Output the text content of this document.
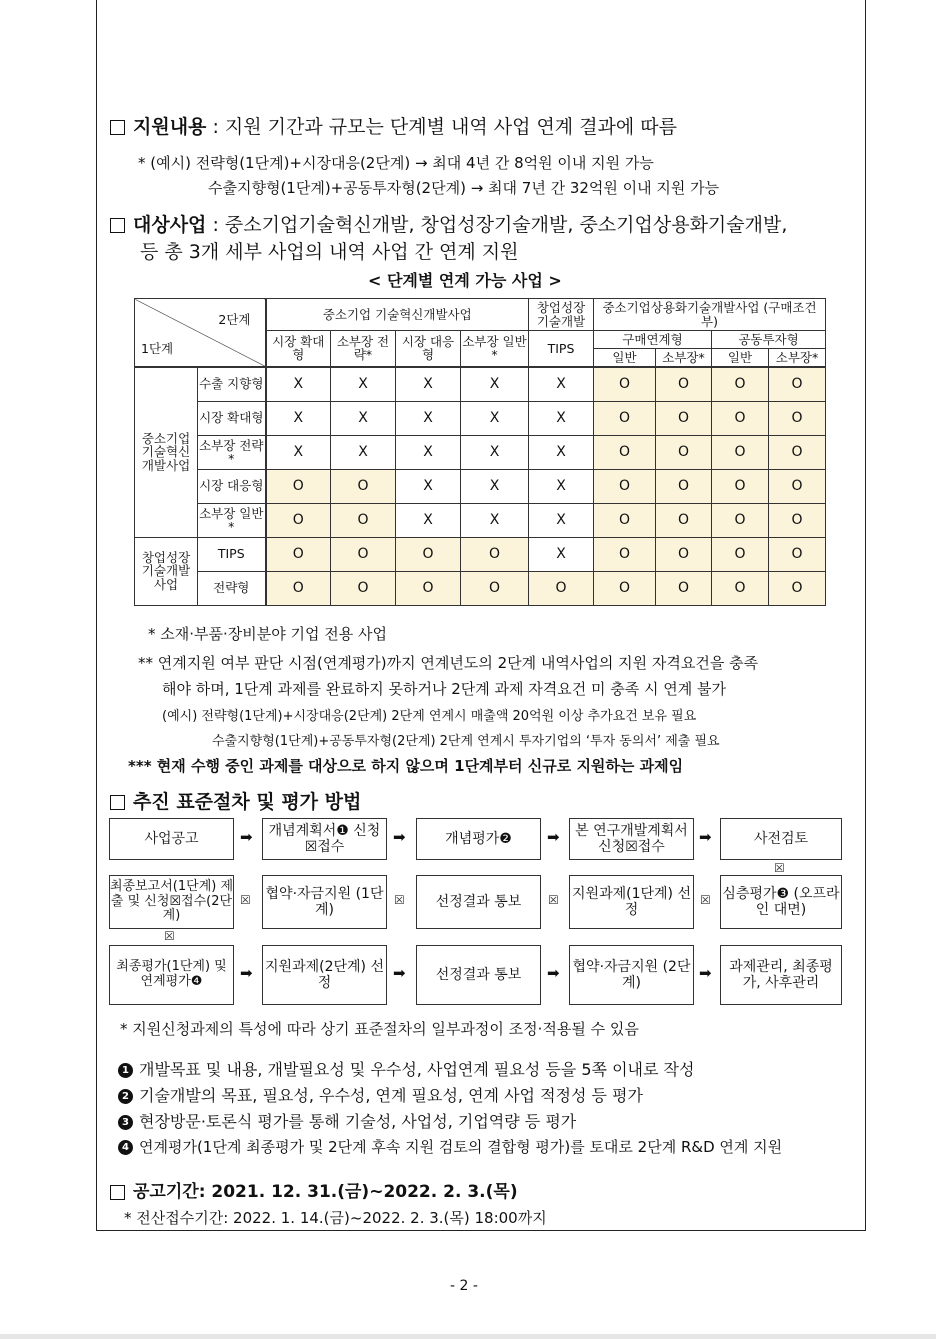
지원내용 : 지원 기간과 규모는 단계별 내역 사업 연계 결과에 따름
* (예시) 전략형(1단계)+시장대응(2단계) → 최대 4년 간 8억원 이내 지원 가능
수출지향형(1단계)+공동투자형(2단계) → 최대 7년 간 32억원 이내 지원 가능
대상사업 : 중소기업기술혁신개발, 창업성장기술개발, 중소기업상용화기술개발,
등 총 3개 세부 사업의 내역 사업 간 연계 지원
< 단계별 연계 가능 사업 >
2단계
1단계		중소기업 기술혁신개발사업				창업성장 기술개발	중소기업상용화기술개발사업 (구매조건부)			
		시장 확대형	소부장 전략*	시장 대응형	소부장 일반*	TIPS	구매연계형		공동투자형	
							일반	소부장*	일반	소부장*
중소기업 기술혁신 개발사업	수출 지향형	X	X	X	X	X	O	O	O	O
	시장 확대형	X	X	X	X	X	O	O	O	O
	소부장 전략*	X	X	X	X	X	O	O	O	O
	시장 대응형	O	O	X	X	X	O	O	O	O
	소부장 일반*	O	O	X	X	X	O	O	O	O
창업성장 기술개발 사업	TIPS	O	O	O	O	X	O	O	O	O
	전략형	O	O	O	O	O	O	O	O	O
* 소재·부품·장비분야 기업 전용 사업
** 연계지원 여부 판단 시점(연계평가)까지 연계년도의 2단계 내역사업의 지원 자격요건을 충족
해야 하며, 1단계 과제를 완료하지 못하거나 2단계 과제 자격요건 미 충족 시 연계 불가
(예시) 전략형(1단계)+시장대응(2단계) 2단계 연계시 매출액 20억원 이상 추가요건 보유 필요
수출지향형(1단계)+공동투자형(2단계) 2단계 연계시 투자기업의 ‘투자 동의서’ 제출 필요
*** 현재 수행 중인 과제를 대상으로 하지 않으며 1단계부터 신규로 지원하는 과제임
추진 표준절차 및 평가 방법
사업공고
개념계획서❶ 신청☒접수
개념평가❷
본 연구개발계획서 신청☒접수
사전검토
➡	➡	➡	➡
☒
최종보고서(1단계) 제출 및 신청☒접수(2단계)
협약·자금지원 (1단계)
선정결과 통보
지원과제(1단계) 선정
심층평가❸ (오프라인 대면)
☒	☒	☒	☒
☒
최종평가(1단계) 및 연계평가❹
지원과제(2단계) 선정
선정결과 통보
협약·자금지원 (2단계)
과제관리, 최종평가, 사후관리
➡	➡	➡	➡
* 지원신청과제의 특성에 따라 상기 표준절차의 일부과정이 조정·적용될 수 있음
1 개발목표 및 내용, 개발필요성 및 우수성, 사업연계 필요성 등을 5쪽 이내로 작성
2 기술개발의 목표, 필요성, 우수성, 연계 필요성, 연계 사업 적정성 등 평가
3 현장방문·토론식 평가를 통해 기술성, 사업성, 기업역량 등 평가
4 연계평가(1단계 최종평가 및 2단계 후속 지원 검토의 결합형 평가)를 토대로 2단계 R&D 연계 지원
공고기간: 2021. 12. 31.(금)~2022. 2. 3.(목)
* 전산접수기간: 2022. 1. 14.(금)~2022. 2. 3.(목) 18:00까지
- 2 -
